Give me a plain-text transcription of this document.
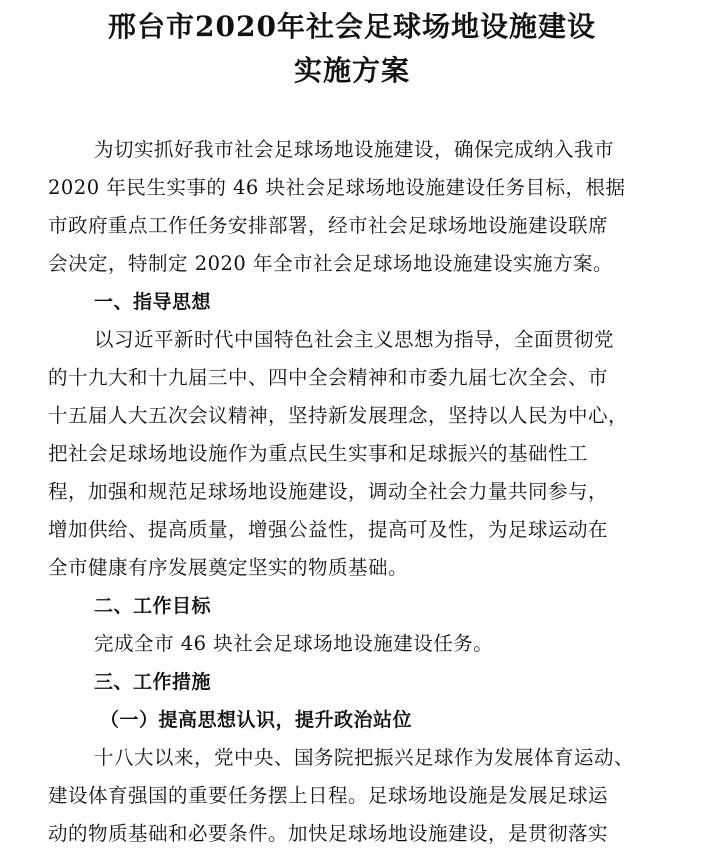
邢台市2020年社会足球场地设施建设
实施方案
为切实抓好我市社会足球场地设施建设，确保完成纳入我市
2020 年民生实事的 46 块社会足球场地设施建设任务目标，根据
市政府重点工作任务安排部署，经市社会足球场地设施建设联席
会决定，特制定 2020 年全市社会足球场地设施建设实施方案。
一、指导思想
以习近平新时代中国特色社会主义思想为指导，全面贯彻党
的十九大和十九届三中、四中全会精神和市委九届七次全会、市
十五届人大五次会议精神，坚持新发展理念，坚持以人民为中心，
把社会足球场地设施作为重点民生实事和足球振兴的基础性工
程，加强和规范足球场地设施建设，调动全社会力量共同参与，
增加供给、提高质量，增强公益性，提高可及性，为足球运动在
全市健康有序发展奠定坚实的物质基础。
二、工作目标
完成全市 46 块社会足球场地设施建设任务。
三、工作措施
（一）提高思想认识，提升政治站位
十八大以来，党中央、国务院把振兴足球作为发展体育运动、
建设体育强国的重要任务摆上日程。足球场地设施是发展足球运
动的物质基础和必要条件。加快足球场地设施建设，是贯彻落实
